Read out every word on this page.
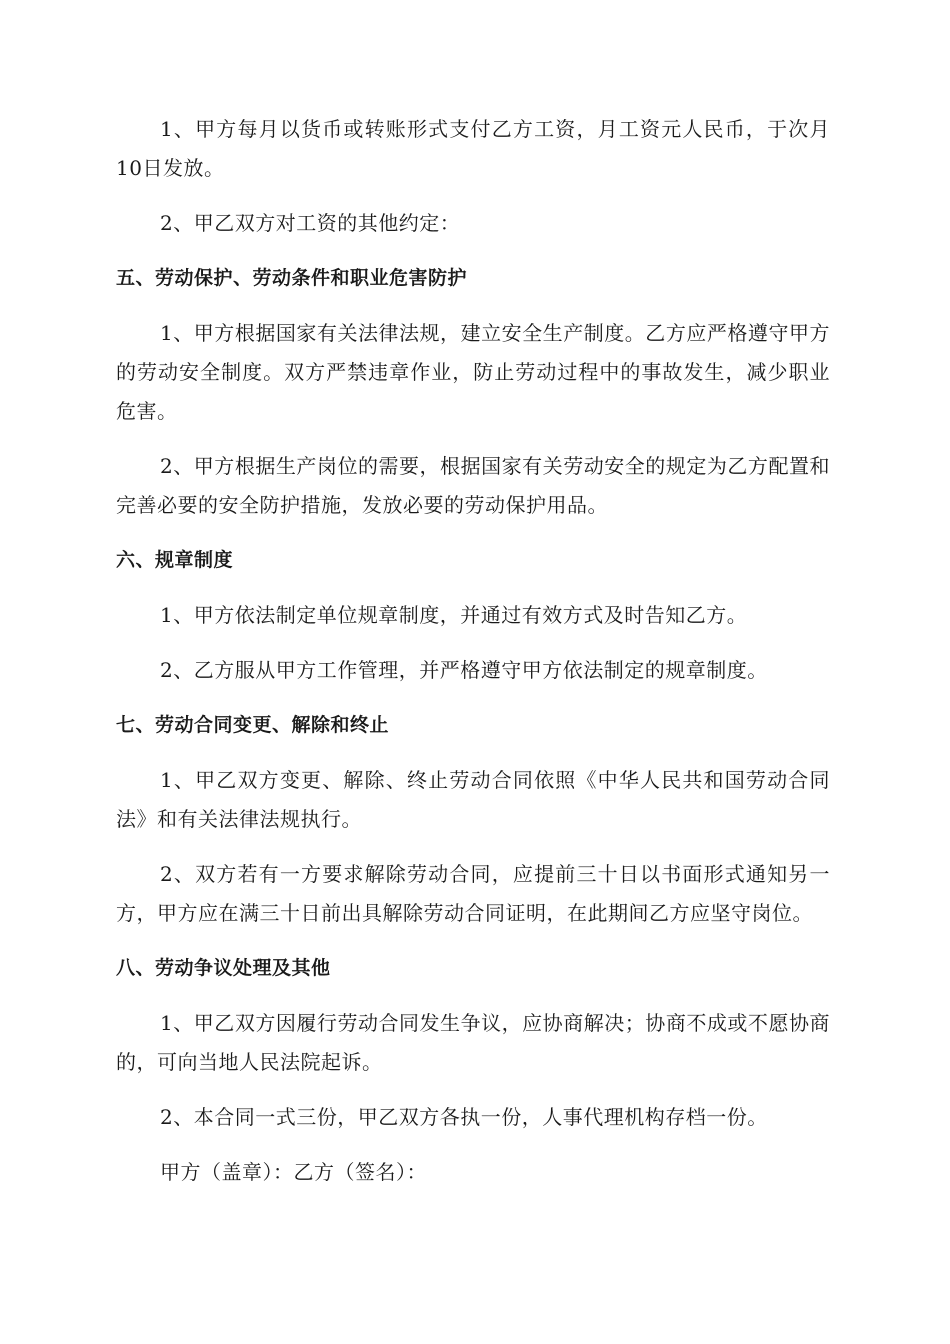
1、甲方每月以货币或转账形式支付乙方工资，月工资元人民币，于次月10日发放。

2、甲乙双方对工资的其他约定：

五、劳动保护、劳动条件和职业危害防护

1、甲方根据国家有关法律法规，建立安全生产制度。乙方应严格遵守甲方的劳动安全制度。双方严禁违章作业，防止劳动过程中的事故发生，减少职业危害。

2、甲方根据生产岗位的需要，根据国家有关劳动安全的规定为乙方配置和完善必要的安全防护措施，发放必要的劳动保护用品。

六、规章制度

1、甲方依法制定单位规章制度，并通过有效方式及时告知乙方。

2、乙方服从甲方工作管理，并严格遵守甲方依法制定的规章制度。

七、劳动合同变更、解除和终止

1、甲乙双方变更、解除、终止劳动合同依照《中华人民共和国劳动合同法》和有关法律法规执行。

2、双方若有一方要求解除劳动合同，应提前三十日以书面形式通知另一方，甲方应在满三十日前出具解除劳动合同证明，在此期间乙方应坚守岗位。

八、劳动争议处理及其他

1、甲乙双方因履行劳动合同发生争议，应协商解决；协商不成或不愿协商的，可向当地人民法院起诉。

2、本合同一式三份，甲乙双方各执一份，人事代理机构存档一份。

甲方（盖章）：乙方（签名）：
